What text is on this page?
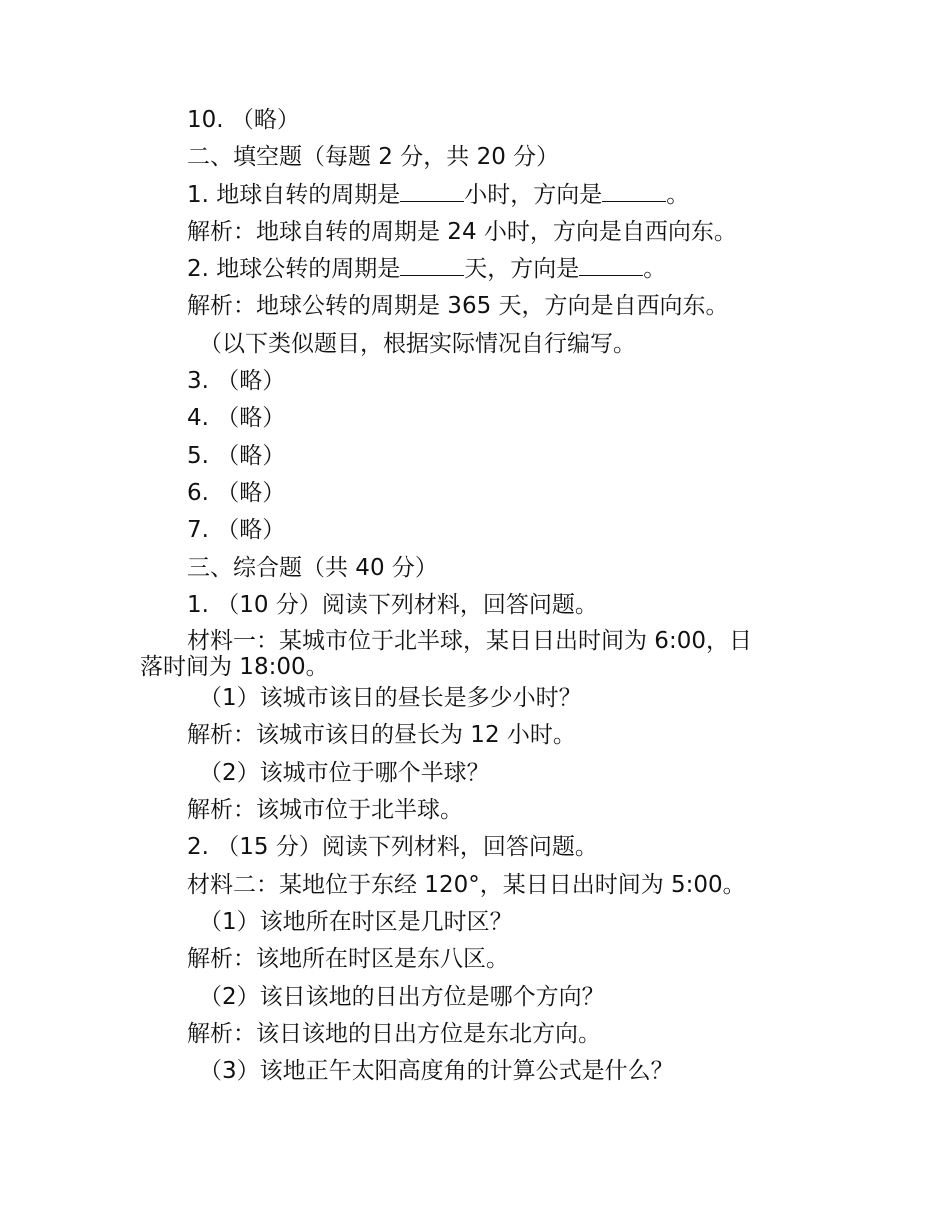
10. （略）
二、填空题（每题 2 分，共 20 分）
1. 地球自转的周期是	小时，方向是	。
解析：地球自转的周期是 24 小时，方向是自西向东。
2. 地球公转的周期是	天，方向是	。
解析：地球公转的周期是 365 天，方向是自西向东。
（以下类似题目，根据实际情况自行编写。
3. （略）
4. （略）
5. （略）
6. （略）
7. （略）
三、综合题（共 40 分）
1. （10 分）阅读下列材料，回答问题。
材料一：某城市位于北半球，某日日出时间为 6:00，日
落时间为 18:00。
（1）该城市该日的昼长是多少小时？
解析：该城市该日的昼长为 12 小时。
（2）该城市位于哪个半球？
解析：该城市位于北半球。
2. （15 分）阅读下列材料，回答问题。
材料二：某地位于东经 120°，某日日出时间为 5:00。
（1）该地所在时区是几时区？
解析：该地所在时区是东八区。
（2）该日该地的日出方位是哪个方向？
解析：该日该地的日出方位是东北方向。
（3）该地正午太阳高度角的计算公式是什么？
